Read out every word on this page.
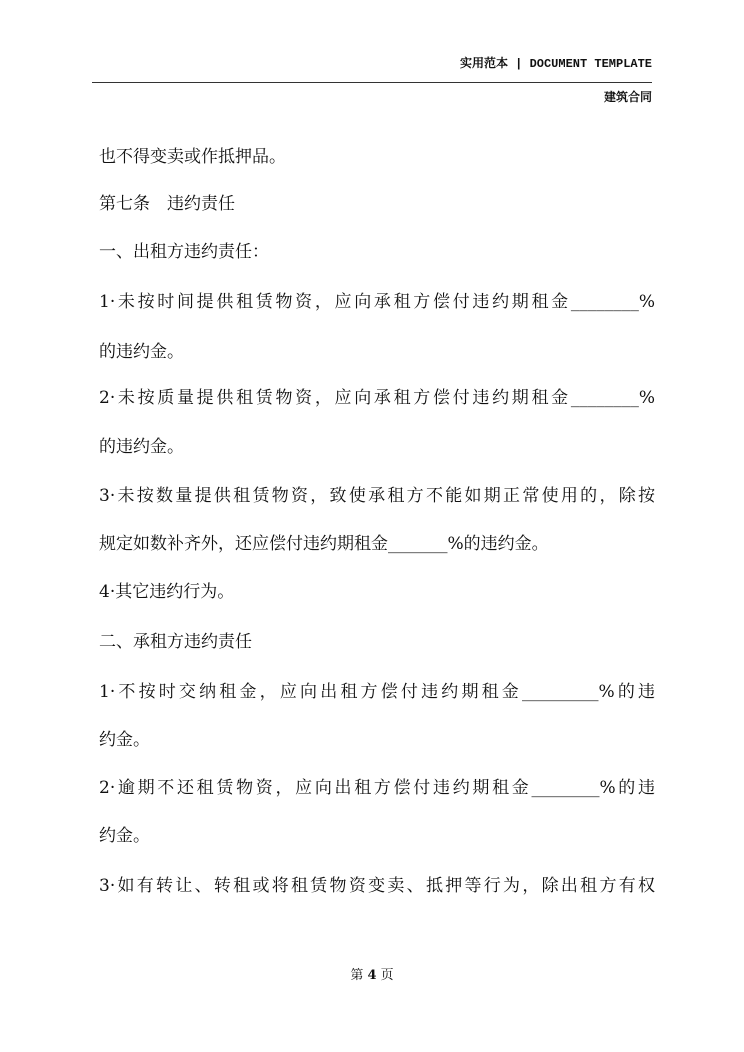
实用范本 | DOCUMENT TEMPLATE
建筑合同
也不得变卖或作抵押品。
第七条　违约责任
一、出租方违约责任：
1·未按时间提供租赁物资，应向承租方偿付违约期租金________%
的违约金。
2·未按质量提供租赁物资，应向承租方偿付违约期租金________%
的违约金。
3·未按数量提供租赁物资，致使承租方不能如期正常使用的，除按
规定如数补齐外，还应偿付违约期租金_______%的违约金。
4·其它违约行为。
二、承租方违约责任
1·不按时交纳租金，应向出租方偿付违约期租金_________%的违
约金。
2·逾期不还租赁物资，应向出租方偿付违约期租金________%的违
约金。
3·如有转让、转租或将租赁物资变卖、抵押等行为，除出租方有权
第 4 页
